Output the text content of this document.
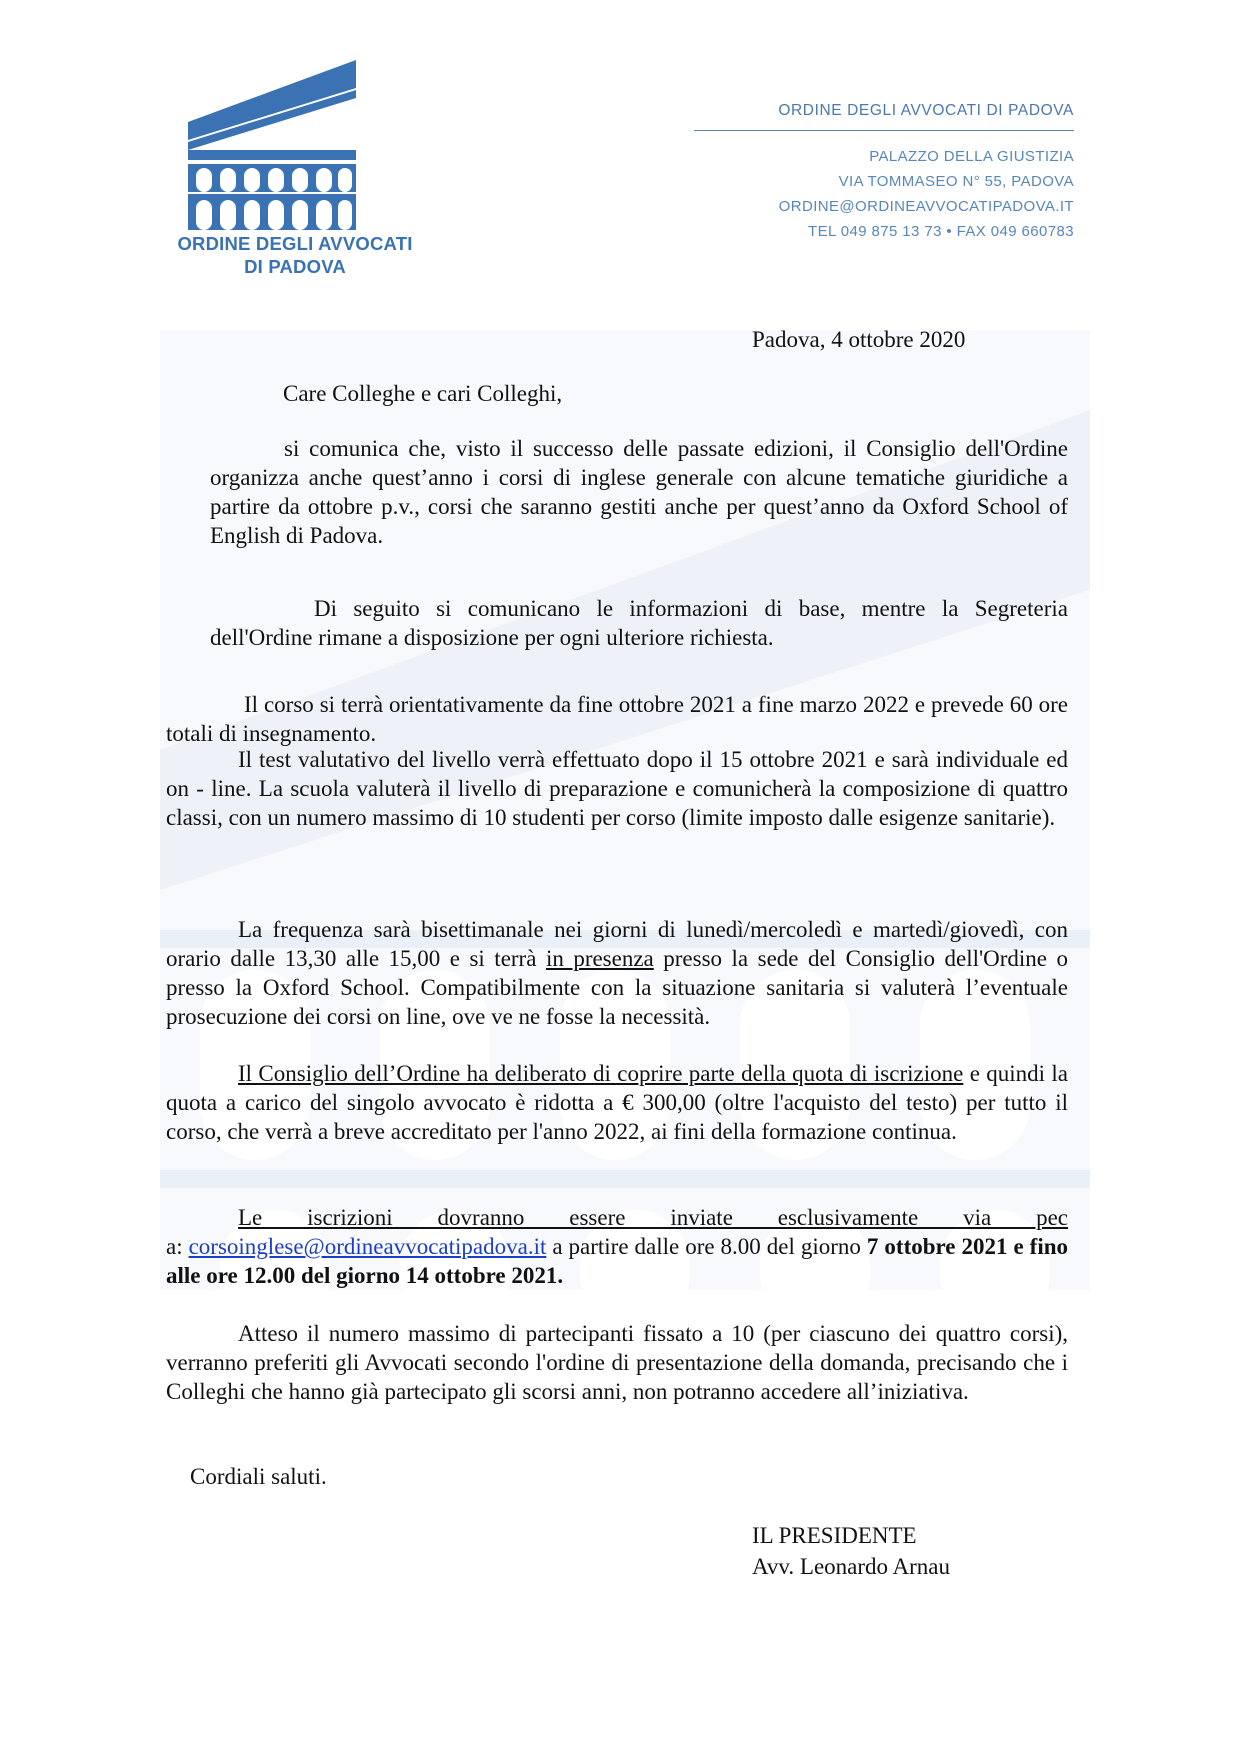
ORDINE DEGLI AVVOCATI
DI PADOVA
ORDINE DEGLI AVVOCATI DI PADOVA
PALAZZO DELLA GIUSTIZIA
VIA TOMMASEO N° 55, PADOVA
ORDINE@ORDINEAVVOCATIPADOVA.IT
TEL 049 875 13 73 • FAX 049 660783
Padova, 4 ottobre 2020
Care Colleghe e cari Colleghi,
si comunica che, visto il successo delle passate edizioni, il Consiglio dell'Ordine organizza anche quest’anno i corsi di inglese generale con alcune tematiche giuridiche a partire da ottobre p.v., corsi che saranno gestiti anche per quest’anno da Oxford School of English di Padova.
Di seguito si comunicano le informazioni di base, mentre la Segreteria dell'Ordine rimane a disposizione per ogni ulteriore richiesta.
Il corso si terrà orientativamente da fine ottobre 2021 a fine marzo 2022 e prevede 60 ore totali di insegnamento.
Il test valutativo del livello verrà effettuato dopo il 15 ottobre 2021 e sarà individuale ed on - line. La scuola valuterà il livello di preparazione e comunicherà la composizione di quattro classi, con un numero massimo di 10 studenti per corso (limite imposto dalle esigenze sanitarie).
La frequenza sarà bisettimanale nei giorni di lunedì/mercoledì e martedì/giovedì, con orario dalle 13,30 alle 15,00 e si terrà in presenza presso la sede del Consiglio dell'Ordine o presso la Oxford School. Compatibilmente con la situazione sanitaria si valuterà l’eventuale prosecuzione dei corsi on line, ove ve ne fosse la necessità.
Il Consiglio dell’Ordine ha deliberato di coprire parte della quota di iscrizione e quindi la quota a carico del singolo avvocato è ridotta a € 300,00 (oltre l'acquisto del testo) per tutto il corso, che verrà a breve accreditato per l'anno 2022, ai fini della formazione continua.
Le iscrizioni dovranno essere inviate esclusivamente via pec a: corsoinglese@ordineavvocatipadova.it a partire dalle ore 8.00 del giorno 7 ottobre 2021 e fino alle ore 12.00 del giorno 14 ottobre 2021.
Atteso il numero massimo di partecipanti fissato a 10 (per ciascuno dei quattro corsi), verranno preferiti gli Avvocati secondo l'ordine di presentazione della domanda, precisando che i Colleghi che hanno già partecipato gli scorsi anni, non potranno accedere all’iniziativa.
Cordiali saluti.
IL PRESIDENTE
Avv. Leonardo Arnau
